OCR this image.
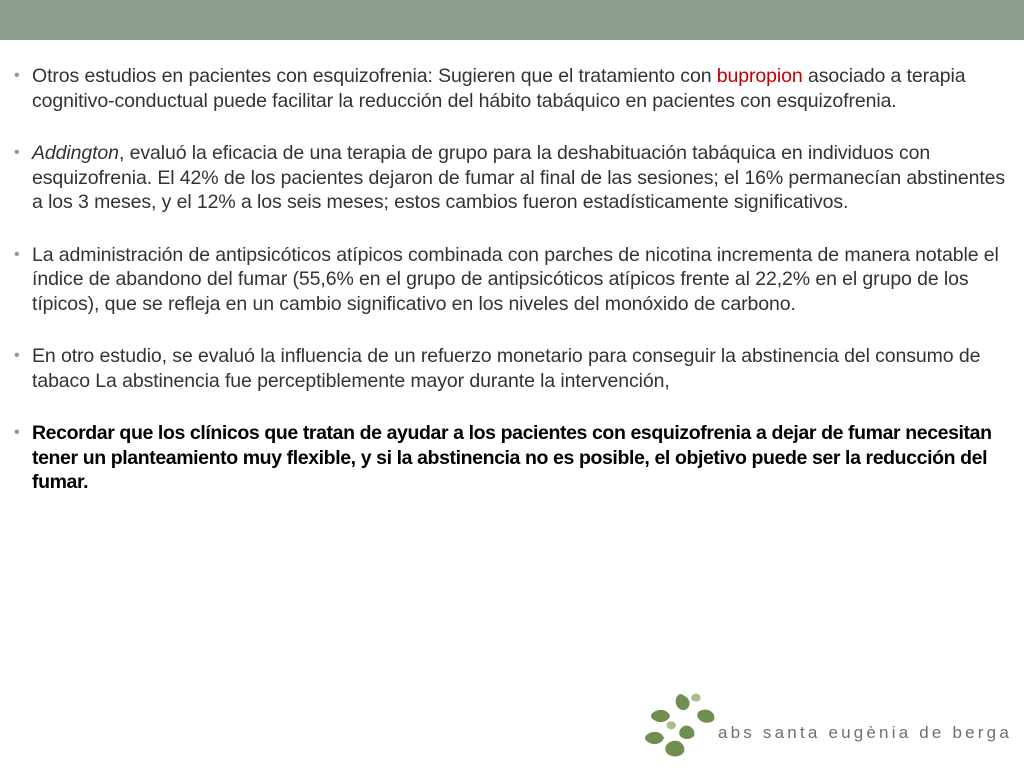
• Otros estudios en pacientes con esquizofrenia: Sugieren que el tratamiento con bupropion asociado a terapia cognitivo-conductual puede facilitar la reducción del hábito tabáquico en pacientes con esquizofrenia.

• Addington, evaluó la eficacia de una terapia de grupo para la deshabituación tabáquica en individuos con esquizofrenia. El 42% de los pacientes dejaron de fumar al final de las sesiones; el 16% permanecían abstinentes a los 3 meses, y el 12% a los seis meses; estos cambios fueron estadísticamente significativos.

• La administración de antipsicóticos atípicos combinada con parches de nicotina incrementa de manera notable el índice de abandono del fumar (55,6% en el grupo de antipsicóticos atípicos frente al 22,2% en el grupo de los típicos), que se refleja en un cambio significativo en los niveles del monóxido de carbono.

• En otro estudio, se evaluó la influencia de un refuerzo monetario para conseguir la abstinencia del consumo de tabaco La abstinencia fue perceptiblemente mayor durante la intervención,

• Recordar que los clínicos que tratan de ayudar a los pacientes con esquizofrenia a dejar de fumar necesitan tener un planteamiento muy flexible, y si la abstinencia no es posible, el objetivo puede ser la reducción del fumar.

abs santa eugènia de berga
